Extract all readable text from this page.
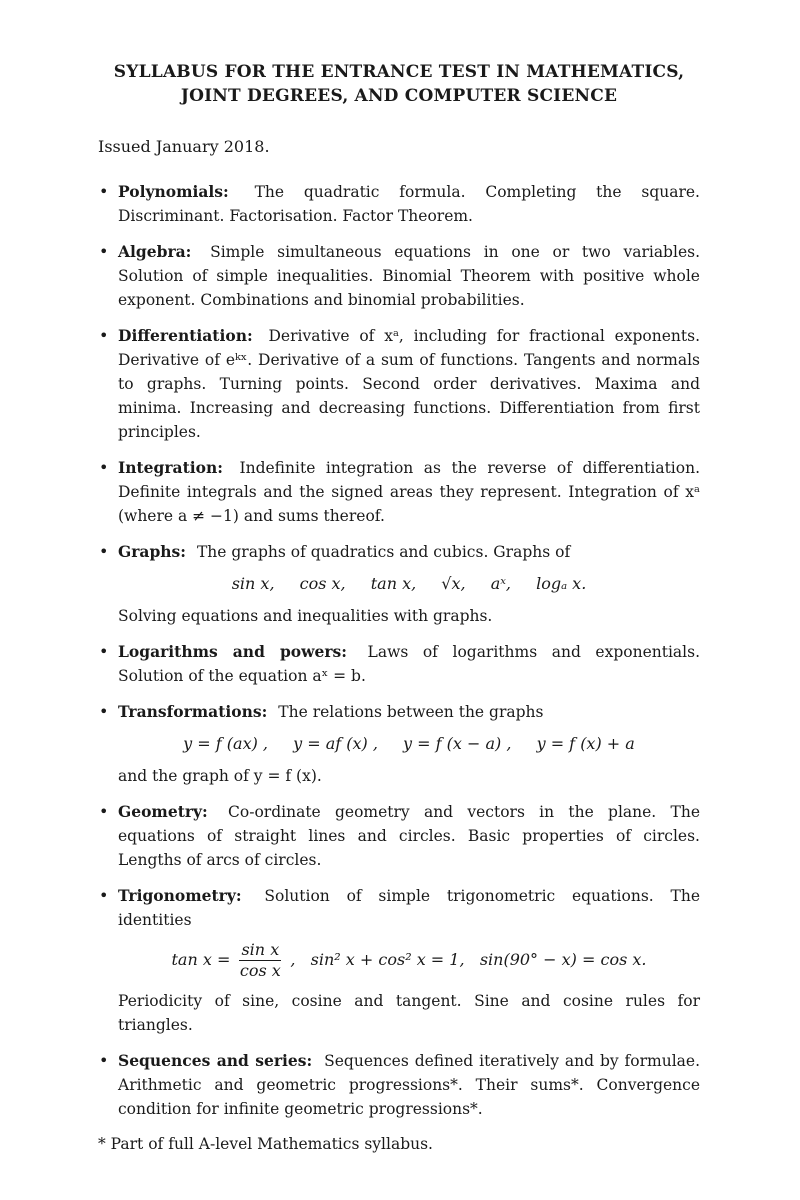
SYLLABUS FOR THE ENTRANCE TEST IN MATHEMATICS,
JOINT DEGREES, AND COMPUTER SCIENCE
Issued January 2018.
• Polynomials: The quadratic formula. Completing the square. Discriminant. Factorisation. Factor Theorem.
• Algebra: Simple simultaneous equations in one or two variables. Solution of simple inequalities. Binomial Theorem with positive whole exponent. Combinations and binomial probabilities.
• Differentiation: Derivative of xᵃ, including for fractional exponents. Derivative of eᵏˣ. Derivative of a sum of functions. Tangents and normals to graphs. Turning points. Second order derivatives. Maxima and minima. Increasing and decreasing functions. Differentiation from first principles.
• Integration: Indefinite integration as the reverse of differentiation. Definite integrals and the signed areas they represent. Integration of xᵃ (where a ≠ −1) and sums thereof.
• Graphs: The graphs of quadratics and cubics. Graphs of
sin x, cos x, tan x, √x, aˣ, logₐ x.
Solving equations and inequalities with graphs.
• Logarithms and powers: Laws of logarithms and exponentials. Solution of the equation aˣ = b.
• Transformations: The relations between the graphs
y = f (ax) , y = af (x) , y = f (x − a) , y = f (x) + a
and the graph of y = f (x).
• Geometry: Co-ordinate geometry and vectors in the plane. The equations of straight lines and circles. Basic properties of circles. Lengths of arcs of circles.
• Trigonometry: Solution of simple trigonometric equations. The identities
$\tan x = \frac{\text{sin x}}{\text{cos x}}$ ,   sin² x + cos² x = 1,   sin(90° − x) = cos x.
Periodicity of sine, cosine and tangent. Sine and cosine rules for triangles.
• Sequences and series: Sequences defined iteratively and by formulae. Arithmetic and geometric progressions*. Their sums*. Convergence condition for infinite geometric progressions*.
* Part of full A-level Mathematics syllabus.
